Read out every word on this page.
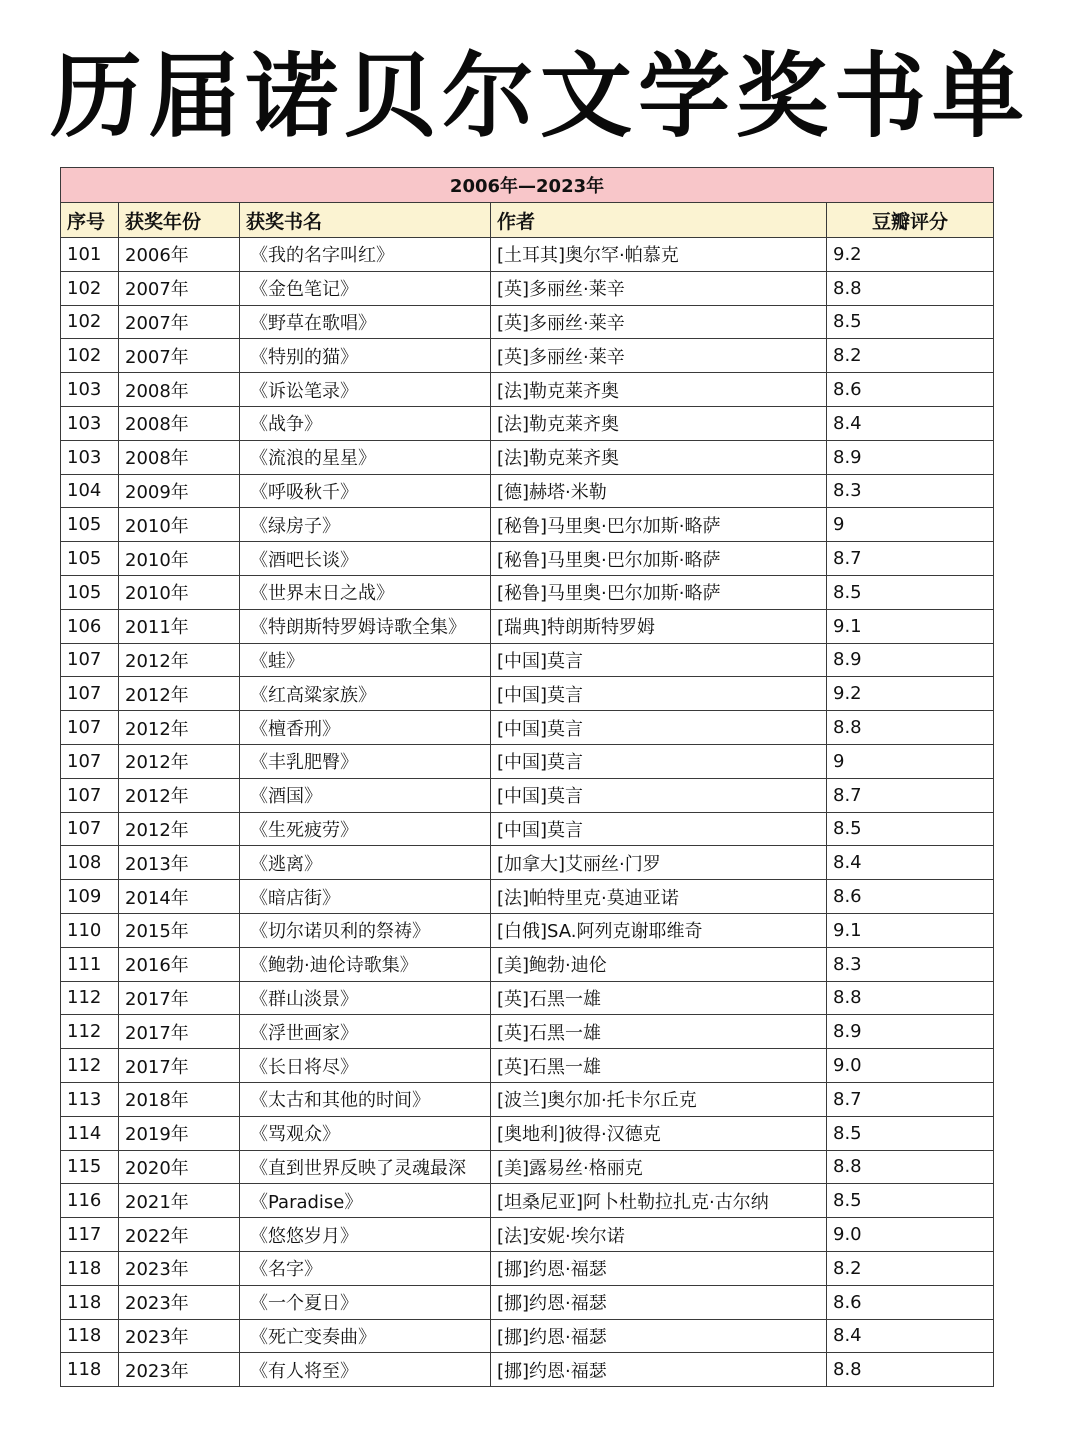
历届诺贝尔文学奖书单
2006年—2023年				
序号	获奖年份	获奖书名	作者	豆瓣评分
101	2006年	《我的名字叫红》	[土耳其]奥尔罕·帕慕克	9.2
102	2007年	《金色笔记》	[英]多丽丝·莱辛	8.8
102	2007年	《野草在歌唱》	[英]多丽丝·莱辛	8.5
102	2007年	《特别的猫》	[英]多丽丝·莱辛	8.2
103	2008年	《诉讼笔录》	[法]勒克莱齐奥	8.6
103	2008年	《战争》	[法]勒克莱齐奥	8.4
103	2008年	《流浪的星星》	[法]勒克莱齐奥	8.9
104	2009年	《呼吸秋千》	[德]赫塔·米勒	8.3
105	2010年	《绿房子》	[秘鲁]马里奥·巴尔加斯·略萨	9
105	2010年	《酒吧长谈》	[秘鲁]马里奥·巴尔加斯·略萨	8.7
105	2010年	《世界末日之战》	[秘鲁]马里奥·巴尔加斯·略萨	8.5
106	2011年	《特朗斯特罗姆诗歌全集》	[瑞典]特朗斯特罗姆	9.1
107	2012年	《蛙》	[中国]莫言	8.9
107	2012年	《红高粱家族》	[中国]莫言	9.2
107	2012年	《檀香刑》	[中国]莫言	8.8
107	2012年	《丰乳肥臀》	[中国]莫言	9
107	2012年	《酒国》	[中国]莫言	8.7
107	2012年	《生死疲劳》	[中国]莫言	8.5
108	2013年	《逃离》	[加拿大]艾丽丝·门罗	8.4
109	2014年	《暗店街》	[法]帕特里克·莫迪亚诺	8.6
110	2015年	《切尔诺贝利的祭祷》	[白俄]SA.阿列克谢耶维奇	9.1
111	2016年	《鲍勃·迪伦诗歌集》	[美]鲍勃·迪伦	8.3
112	2017年	《群山淡景》	[英]石黑一雄	8.8
112	2017年	《浮世画家》	[英]石黑一雄	8.9
112	2017年	《长日将尽》	[英]石黑一雄	9.0
113	2018年	《太古和其他的时间》	[波兰]奥尔加·托卡尔丘克	8.7
114	2019年	《骂观众》	[奥地利]彼得·汉德克	8.5
115	2020年	《直到世界反映了灵魂最深	[美]露易丝·格丽克	8.8
116	2021年	《Paradise》	[坦桑尼亚]阿卜杜勒拉扎克·古尔纳	8.5
117	2022年	《悠悠岁月》	[法]安妮·埃尔诺	9.0
118	2023年	《名字》	[挪]约恩·福瑟	8.2
118	2023年	《一个夏日》	[挪]约恩·福瑟	8.6
118	2023年	《死亡变奏曲》	[挪]约恩·福瑟	8.4
118	2023年	《有人将至》	[挪]约恩·福瑟	8.8
